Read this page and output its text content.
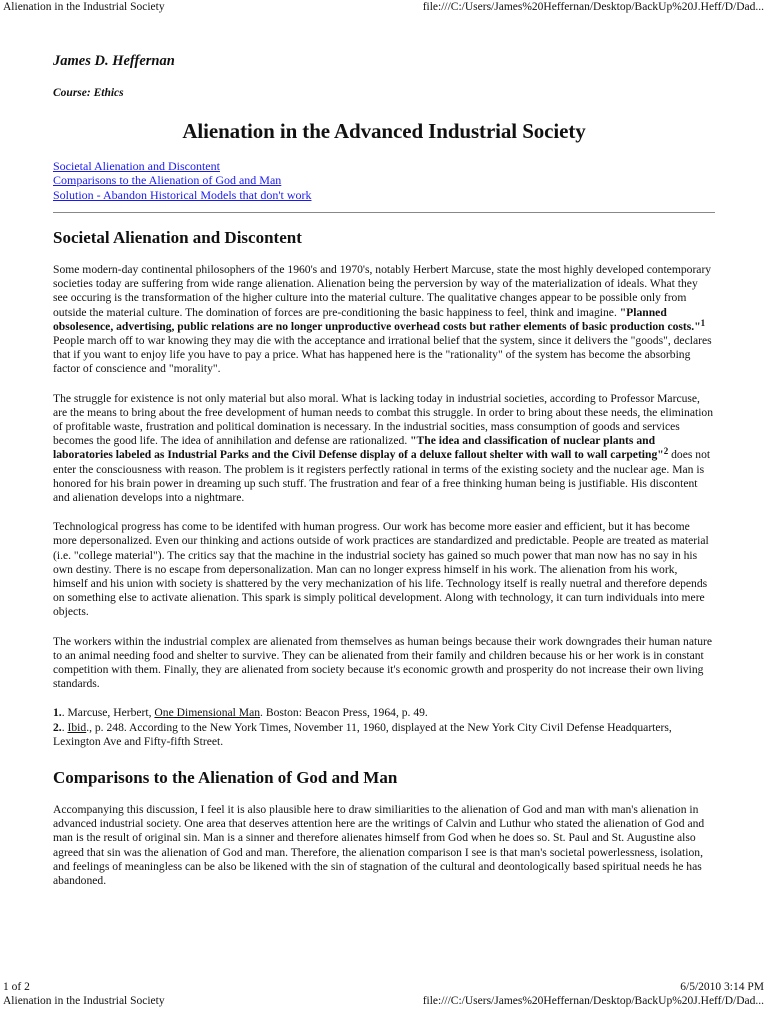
Alienation in the Industrial Society	file:///C:/Users/James%20Heffernan/Desktop/BackUp%20J.Heff/D/Dad...

James D. Heffernan

Course: Ethics

Alienation in the Advanced Industrial Society
Societal Alienation and Discontent
Comparisons to the Alienation of God and Man
Solution - Abandon Historical Models that don't work
Societal Alienation and Discontent

Some modern-day continental philosophers of the 1960's and 1970's, notably Herbert Marcuse, state the most highly developed contemporary societies today are suffering from wide range alienation. Alienation being the perversion by way of the materialization of ideals. What they see occuring is the transformation of the higher culture into the material culture. The qualitative changes appear to be possible only from outside the material culture. The domination of forces are pre-conditioning the basic happiness to feel, think and imagine. "Planned obsolesence, advertising, public relations are no longer unproductive overhead costs but rather elements of basic production costs."$^1$ People march off to war knowing they may die with the acceptance and irrational belief that the system, since it delivers the "goods", declares that if you want to enjoy life you have to pay a price. What has happened here is the "rationality" of the system has become the absorbing factor of conscience and "morality".

The struggle for existence is not only material but also moral. What is lacking today in industrial societies, according to Professor Marcuse, are the means to bring about the free development of human needs to combat this struggle. In order to bring about these needs, the elimination of profitable waste, frustration and political domination is necessary. In the industrial socities, mass consumption of goods and services becomes the good life. The idea of annihilation and defense are rationalized. "The idea and classification of nuclear plants and laboratories labeled as Industrial Parks and the Civil Defense display of a deluxe fallout shelter with wall to wall carpeting"$^2$ does not enter the consciousness with reason. The problem is it registers perfectly rational in terms of the existing society and the nuclear age. Man is honored for his brain power in dreaming up such stuff. The frustration and fear of a free thinking human being is justifiable. His discontent and alienation develops into a nightmare.

Technological progress has come to be identifed with human progress. Our work has become more easier and efficient, but it has become more depersonalized. Even our thinking and actions outside of work practices are standardized and predictable. People are treated as material (i.e. "college material"). The critics say that the machine in the industrial society has gained so much power that man now has no say in his own destiny. There is no escape from depersonalization. Man can no longer express himself in his work. The alienation from his work, himself and his union with society is shattered by the very mechanization of his life. Technology itself is really nuetral and therefore depends on something else to activate alienation. This spark is simply political development. Along with technology, it can turn individuals into mere objects.

The workers within the industrial complex are alienated from themselves as human beings because their work downgrades their human nature to an animal needing food and shelter to survive. They can be alienated from their family and children because his or her work is in constant competition with them. Finally, they are alienated from society because it's economic growth and prosperity do not increase their own living standards.

1.. Marcuse, Herbert, One Dimensional Man. Boston: Beacon Press, 1964, p. 49.
2.. Ibid., p. 248. According to the New York Times, November 11, 1960, displayed at the New York City Civil Defense Headquarters, Lexington Ave and Fifty-fifth Street.
Comparisons to the Alienation of God and Man

Accompanying this discussion, I feel it is also plausible here to draw similiarities to the alienation of God and man with man's alienation in advanced industrial society. One area that deserves attention here are the writings of Calvin and Luthur who stated the alienation of God and man is the result of original sin. Man is a sinner and therefore alienates himself from God when he does so. St. Paul and St. Augustine also agreed that sin was the alienation of God and man. Therefore, the alienation comparison I see is that man's societal powerlessness, isolation, and feelings of meaningless can be also be likened with the sin of stagnation of the cultural and deontologically based spiritual needs he has abandoned.

1 of 2	6/5/2010 3:14 PM
Alienation in the Industrial Society	file:///C:/Users/James%20Heffernan/Desktop/BackUp%20J.Heff/D/Dad...
